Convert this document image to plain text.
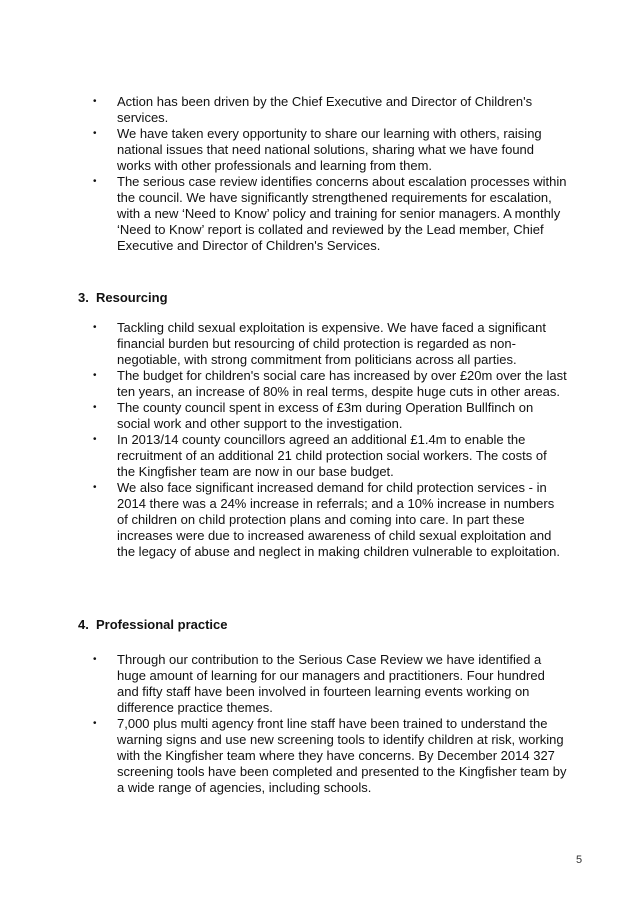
• Action has been driven by the Chief Executive and Director of Children's services.
• We have taken every opportunity to share our learning with others, raising national issues that need national solutions, sharing what we have found works with other professionals and learning from them.
• The serious case review identifies concerns about escalation processes within the council. We have significantly strengthened requirements for escalation, with a new ‘Need to Know’ policy and training for senior managers. A monthly ‘Need to Know’ report is collated and reviewed by the Lead member, Chief Executive and Director of Children's Services.
3. Resourcing
• Tackling child sexual exploitation is expensive. We have faced a significant financial burden but resourcing of child protection is regarded as non-negotiable, with strong commitment from politicians across all parties.
• The budget for children's social care has increased by over £20m over the last ten years, an increase of 80% in real terms, despite huge cuts in other areas.
• The county council spent in excess of £3m during Operation Bullfinch on social work and other support to the investigation.
• In 2013/14 county councillors agreed an additional £1.4m to enable the recruitment of an additional 21 child protection social workers. The costs of the Kingfisher team are now in our base budget.
• We also face significant increased demand for child protection services - in 2014 there was a 24% increase in referrals; and a 10% increase in numbers of children on child protection plans and coming into care. In part these increases were due to increased awareness of child sexual exploitation and the legacy of abuse and neglect in making children vulnerable to exploitation.
4. Professional practice
• Through our contribution to the Serious Case Review we have identified a huge amount of learning for our managers and practitioners. Four hundred and fifty staff have been involved in fourteen learning events working on difference practice themes.
• 7,000 plus multi agency front line staff have been trained to understand the warning signs and use new screening tools to identify children at risk, working with the Kingfisher team where they have concerns. By December 2014 327 screening tools have been completed and presented to the Kingfisher team by a wide range of agencies, including schools.
5
